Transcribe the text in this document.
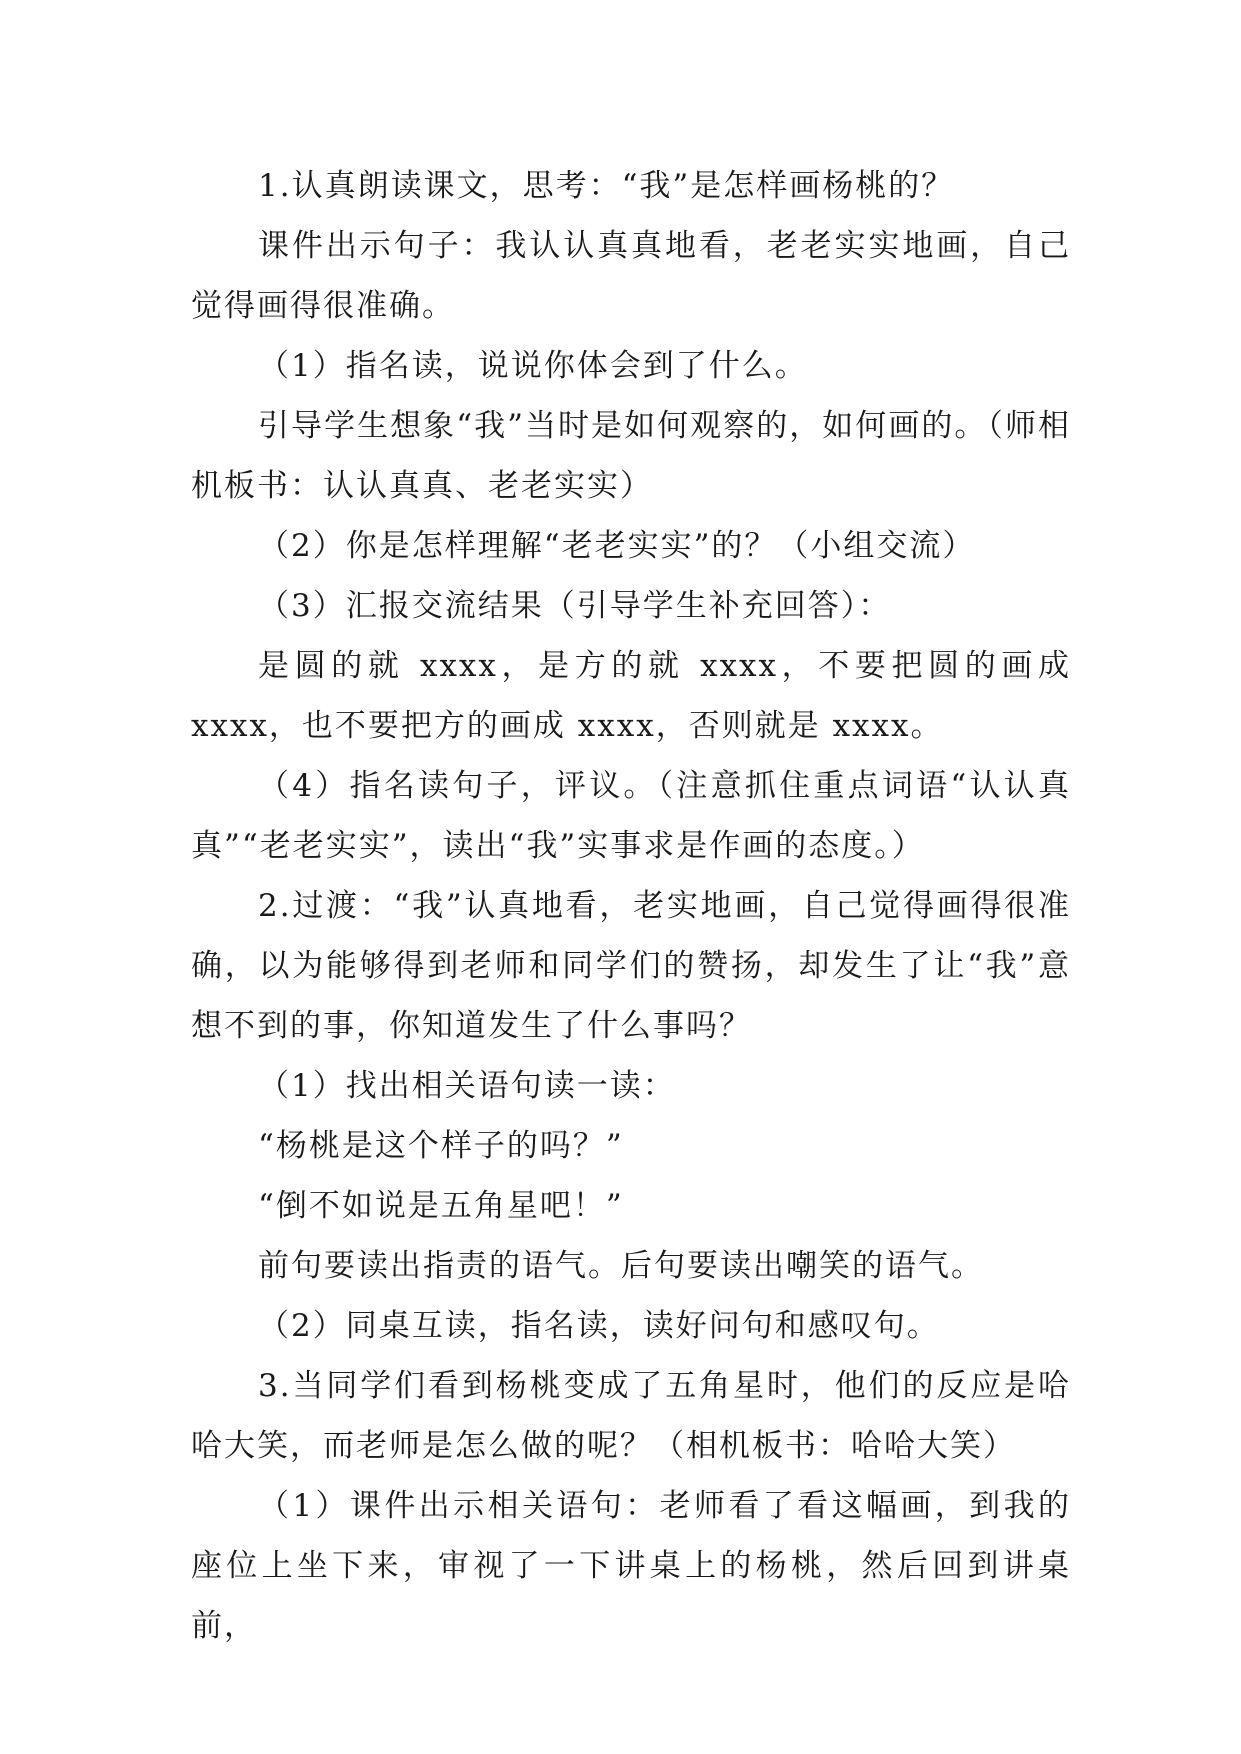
1.认真朗读课文，思考：“我”是怎样画杨桃的？

课件出示句子：我认认真真地看，老老实实地画，自己觉得画得很准确。

（1）指名读，说说你体会到了什么。

引导学生想象“我”当时是如何观察的，如何画的。（师相机板书：认认真真、老老实实）

（2）你是怎样理解“老老实实”的？（小组交流）

（3）汇报交流结果（引导学生补充回答）：

是圆的就 xxxx，是方的就 xxxx，不要把圆的画成 xxxx，也不要把方的画成 xxxx，否则就是 xxxx。

（4）指名读句子，评议。（注意抓住重点词语“认认真真”“老老实实”，读出“我”实事求是作画的态度。）

2.过渡：“我”认真地看，老实地画，自己觉得画得很准确，以为能够得到老师和同学们的赞扬，却发生了让“我”意想不到的事，你知道发生了什么事吗？

（1）找出相关语句读一读：

“杨桃是这个样子的吗？”

“倒不如说是五角星吧！”

前句要读出指责的语气。后句要读出嘲笑的语气。

（2）同桌互读，指名读，读好问句和感叹句。

3.当同学们看到杨桃变成了五角星时，他们的反应是哈哈大笑，而老师是怎么做的呢？（相机板书：哈哈大笑）

（1）课件出示相关语句：老师看了看这幅画，到我的座位上坐下来，审视了一下讲桌上的杨桃，然后回到讲桌前，
